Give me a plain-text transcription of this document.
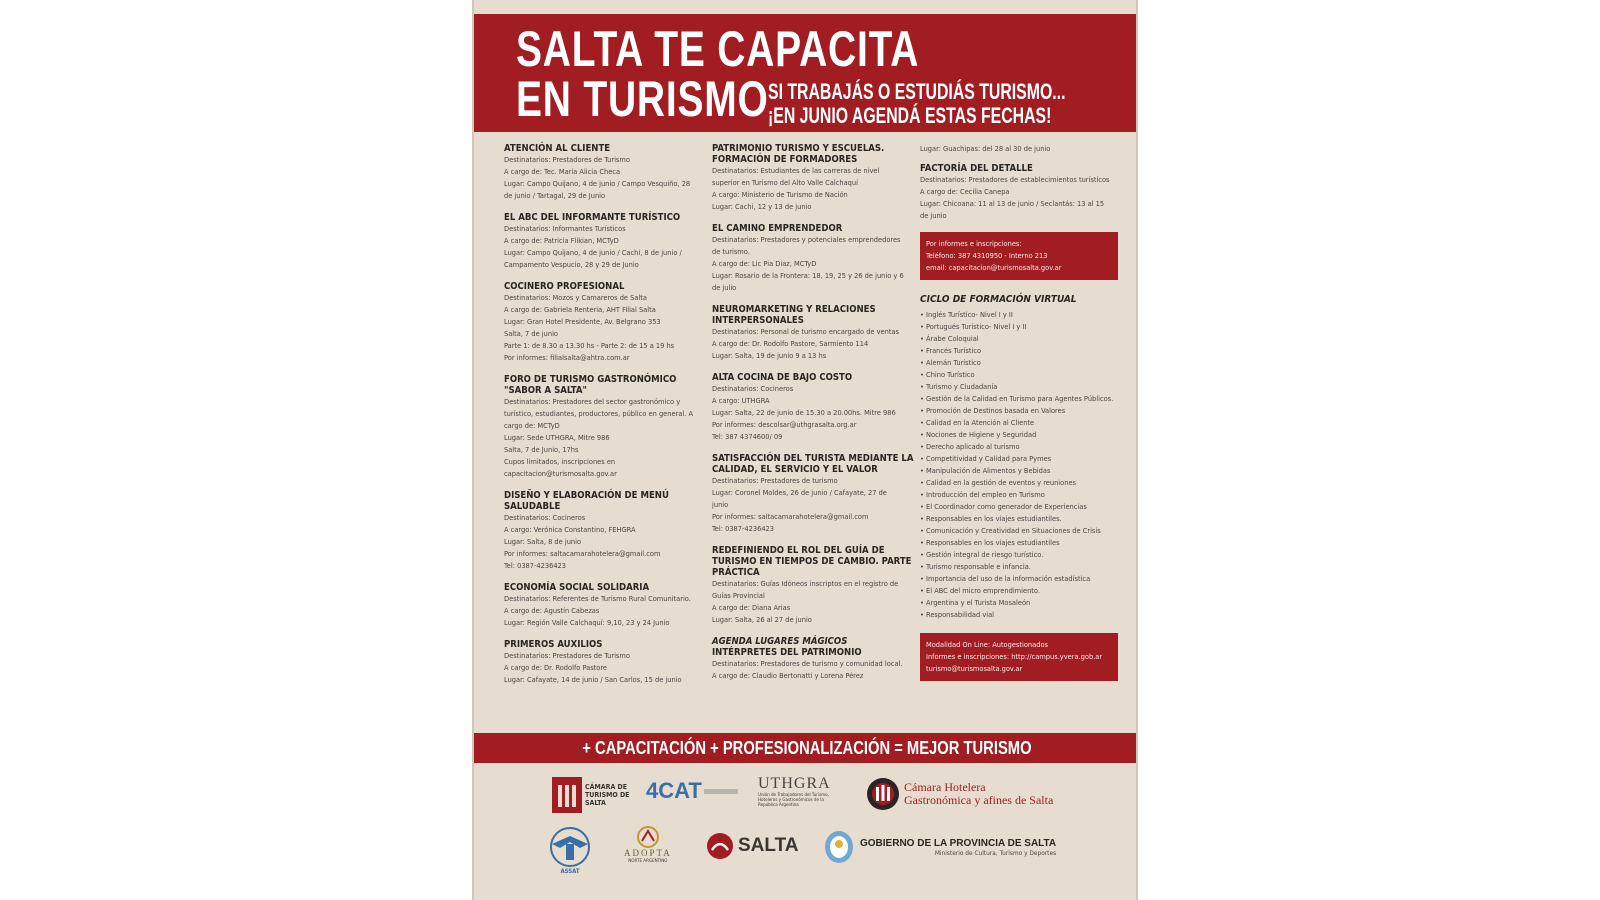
SALTA TE CAPACITA
EN TURISMO SI TRABAJÁS O ESTUDIÁS TURISMO...
¡EN JUNIO AGENDÁ ESTAS FECHAS!
ATENCIÓN AL CLIENTE
Destinatarios: Prestadores de Turismo
A cargo de: Tec. María Alicia Checa
Lugar: Campo Quijano, 4 de junio / Campo Vesquiño, 28
de junio / Tartagal, 29 de Junio
EL ABC DEL INFORMANTE TURÍSTICO
Destinatarios: Informantes Turísticos
A cargo de: Patricia Flikian, MCTyD
Lugar: Campo Quijano, 4 de junio / Cachi, 8 de junio /
Campamento Vespucio, 28 y 29 de Junio
COCINERO PROFESIONAL
Destinatarios: Mozos y Camareros de Salta
A cargo de: Gabriela Renteria, AHT Filial Salta
Lugar: Gran Hotel Presidente, Av. Belgrano 353
Salta, 7 de junio
Parte 1: de 8.30 a 13.30 hs - Parte 2: de 15 a 19 hs
Por informes: filialsalta@ahtra.com.ar
FORO DE TURISMO GASTRONÓMICO "SABOR A SALTA"
Destinatarios: Prestadores del sector gastronómico y
turístico, estudiantes, productores, público en general. A
cargo de: MCTyD
Lugar: Sede UTHGRA, Mitre 986
Salta, 7 de Junio, 17hs
Cupos limitados, inscripciones en
capacitacion@turismosalta.gov.ar
DISEÑO Y ELABORACIÓN DE MENÚ SALUDABLE
Destinatarios: Cocineros
A cargo: Verónica Constantino, FEHGRA
Lugar: Salta, 8 de junio
Por informes: saltacamarahotelera@gmail.com
Tel: 0387-4236423
ECONOMÍA SOCIAL SOLIDARIA
Destinatarios: Referentes de Turismo Rural Comunitario.
A cargo de: Agustín Cabezas
Lugar: Región Valle Calchaquí: 9,10, 23 y 24 Junio
PRIMEROS AUXILIOS
Destinatarios: Prestadores de Turismo
A cargo de: Dr. Rodolfo Pastore
Lugar: Cafayate, 14 de junio / San Carlos, 15 de junio
PATRIMONIO TURISMO Y ESCUELAS. FORMACIÓN DE FORMADORES
Destinatarios: Estudiantes de las carreras de nivel
superior en Turismo del Alto Valle Calchaquí
A cargo: Ministerio de Turismo de Nación
Lugar: Cachi, 12 y 13 de junio
EL CAMINO EMPRENDEDOR
Destinatarios: Prestadores y potenciales emprendedores
de turismo.
A cargo de: Lic Pia Diaz, MCTyD
Lugar: Rosario de la Frontera: 18, 19, 25 y 26 de junio y 6
de julio
NEUROMARKETING Y RELACIONES INTERPERSONALES
Destinatarios: Personal de turismo encargado de ventas
A cargo de: Dr. Rodolfo Pastore, Sarmiento 114
Lugar: Salta, 19 de junio 9 a 13 hs
ALTA COCINA DE BAJO COSTO
Destinatarios: Cocineros
A cargo: UTHGRA
Lugar: Salta, 22 de junio de 15.30 a 20.00hs. Mitre 986
Por informes: descolsar@uthgrasalta.org.ar
Tel: 387 4374600/ 09
SATISFACCIÓN DEL TURISTA MEDIANTE LA CALIDAD, EL SERVICIO Y EL VALOR
Destinatarios: Prestadores de turismo
Lugar: Coronel Moldes, 26 de junio / Cafayate, 27 de
junio
Por informes: saltacamarahotelera@gmail.com
Tel: 0387-4236423
REDEFINIENDO EL ROL DEL GUÍA DE TURISMO EN TIEMPOS DE CAMBIO. PARTE PRÁCTICA
Destinatarios: Guías Idóneos inscriptos en el registro de
Guías Provincial
A cargo de: Diana Arias
Lugar: Salta, 26 al 27 de junio
AGENDA LUGARES MÁGICOS
INTÉRPRETES DEL PATRIMONIO
Destinatarios: Prestadores de turismo y comunidad local.
A cargo de: Claudio Bertonatti y Lorena Pérez
Lugar: Guachipas: del 28 al 30 de junio
FACTORÍA DEL DETALLE
Destinatarios: Prestadores de establecimientos turísticos
A cargo de: Cecilia Canepa
Lugar: Chicoana: 11 al 13 de junio / Seclantás: 13 al 15
de junio
Por informes e inscripciones:
Teléfono: 387 4310950 - Interno 213
email: capacitacion@turismosalta.gov.ar
CICLO DE FORMACIÓN VIRTUAL
• Inglés Turístico- Nivel I y II
• Portugués Turístico- Nivel I y II
• Árabe Coloquial
• Francés Turístico
• Alemán Turístico
• Chino Turístico
• Turismo y Ciudadanía
• Gestión de la Calidad en Turismo para Agentes Públicos.
• Promoción de Destinos basada en Valores
• Calidad en la Atención al Cliente
• Nociones de Higiene y Seguridad
• Derecho aplicado al turismo
• Competitividad y Calidad para Pymes
• Manipulación de Alimentos y Bebidas
• Calidad en la gestión de eventos y reuniones
• Introducción del empleo en Turismo
• El Coordinador como generador de Experiencias
• Responsables en los viajes estudiantiles.
• Comunicación y Creatividad en Situaciones de Crisis
• Responsables en los viajes estudiantiles
• Gestión integral de riesgo turístico.
• Turismo responsable e infancia.
• Importancia del uso de la información estadística
• El ABC del micro emprendimiento.
• Argentina y el Turista Mosaleón
• Responsabilidad vial
Modalidad On Line: Autogestionados
Informes e inscripciones: http://campus.yvera.gob.ar
turismo@turismosalta.gov.ar
+ CAPACITACIÓN + PROFESIONALIZACIÓN = MEJOR TURISMO
CÁMARA DE TURISMO DE SALTA	4CAT	UTHGRA
Unión de Trabajadores del Turismo, Hoteleros y Gastronómicos de la República Argentina
Cámara Hotelera
Gastronómica y afines de Salta
ASSAT
ADOPTA
NORTE ARGENTINO
SALTA	GOBIERNO DE LA PROVINCIA DE SALTA
Ministerio de Cultura, Turismo y Deportes
